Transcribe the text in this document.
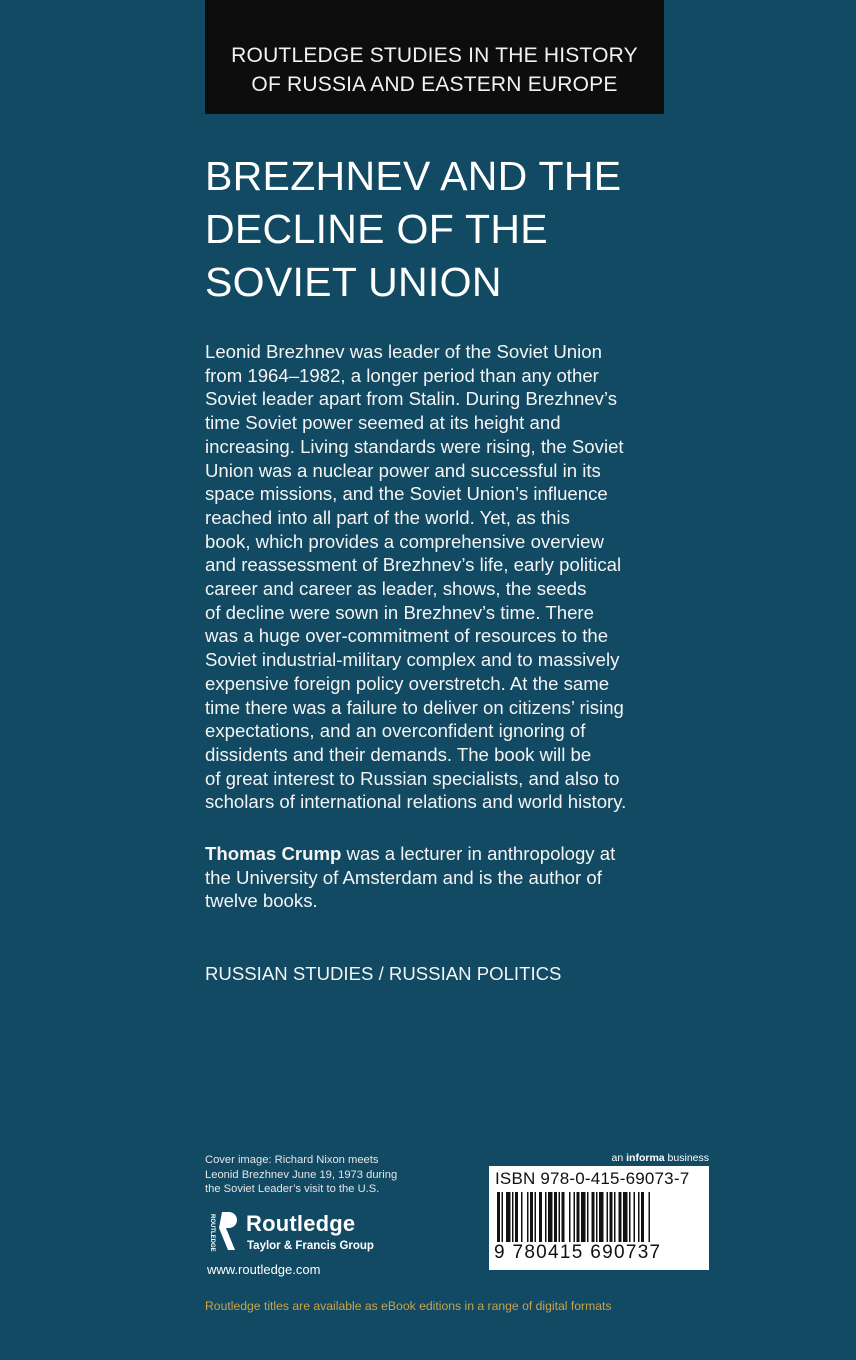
ROUTLEDGE STUDIES IN THE HISTORY
OF RUSSIA AND EASTERN EUROPE
BREZHNEV AND THE
DECLINE OF THE
SOVIET UNION
Leonid Brezhnev was leader of the Soviet Union
from 1964–1982, a longer period than any other
Soviet leader apart from Stalin. During Brezhnev’s
time Soviet power seemed at its height and
increasing. Living standards were rising, the Soviet
Union was a nuclear power and successful in its
space missions, and the Soviet Union’s influence
reached into all part of the world. Yet, as this
book, which provides a comprehensive overview
and reassessment of Brezhnev’s life, early political
career and career as leader, shows, the seeds
of decline were sown in Brezhnev’s time. There
was a huge over-commitment of resources to the
Soviet industrial-military complex and to massively
expensive foreign policy overstretch. At the same
time there was a failure to deliver on citizens’ rising
expectations, and an overconfident ignoring of
dissidents and their demands. The book will be
of great interest to Russian specialists, and also to
scholars of international relations and world history.
Thomas Crump was a lecturer in anthropology at
the University of Amsterdam and is the author of
twelve books.
RUSSIAN STUDIES / RUSSIAN POLITICS
Cover image: Richard Nixon meets
Leonid Brezhnev June 19, 1973 during
the Soviet Leader’s visit to the U.S.
ROUTLEDGE Routledge
Taylor & Francis Group
www.routledge.com
an informa business
ISBN 978-0-415-69073-7
9 780415 690737
Routledge titles are available as eBook editions in a range of digital formats
